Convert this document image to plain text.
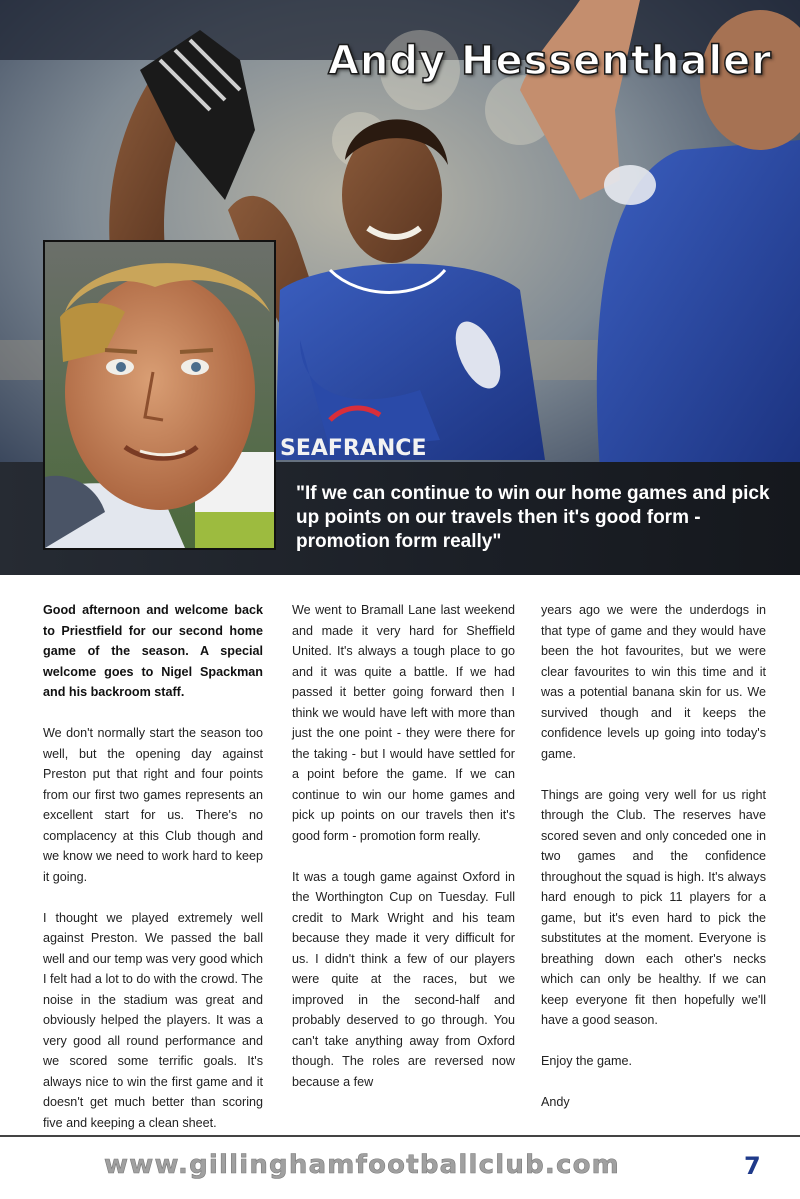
SEAFRANCE
Andy Hessenthaler

"If we can continue to win our home games and pick up points on our travels then it's good form - promotion form really"

Good afternoon and welcome back to Priestfield for our second home game of the season. A special welcome goes to Nigel Spackman and his backroom staff.

We don't normally start the season too well, but the opening day against Preston put that right and four points from our first two games represents an excellent start for us. There's no complacency at this Club though and we know we need to work hard to keep it going.

I thought we played extremely well against Preston. We passed the ball well and our temp was very good which I felt had a lot to do with the crowd. The noise in the stadium was great and obviously helped the players. It was a very good all round performance and we scored some terrific goals. It's always nice to win the first game and it doesn't get much better than scoring five and keeping a clean sheet.

We went to Bramall Lane last weekend and made it very hard for Sheffield United. It's always a tough place to go and it was quite a battle. If we had passed it better going forward then I think we would have left with more than just the one point - they were there for the taking - but I would have settled for a point before the game. If we can continue to win our home games and pick up points on our travels then it's good form - promotion form really.

It was a tough game against Oxford in the Worthington Cup on Tuesday. Full credit to Mark Wright and his team because they made it very difficult for us. I didn't think a few of our players were quite at the races, but we improved in the second-half and probably deserved to go through. You can't take anything away from Oxford though. The roles are reversed now because a few

years ago we were the underdogs in that type of game and they would have been the hot favourites, but we were clear favourites to win this time and it was a potential banana skin for us. We survived though and it keeps the confidence levels up going into today's game.

Things are going very well for us right through the Club. The reserves have scored seven and only conceded one in two games and the confidence throughout the squad is high. It's always hard enough to pick 11 players for a game, but it's even hard to pick the substitutes at the moment. Everyone is breathing down each other's necks which can only be healthy. If we can keep everyone fit then hopefully we'll have a good season.

Enjoy the game.

Andy

www.gillinghamfootballclub.com	7
